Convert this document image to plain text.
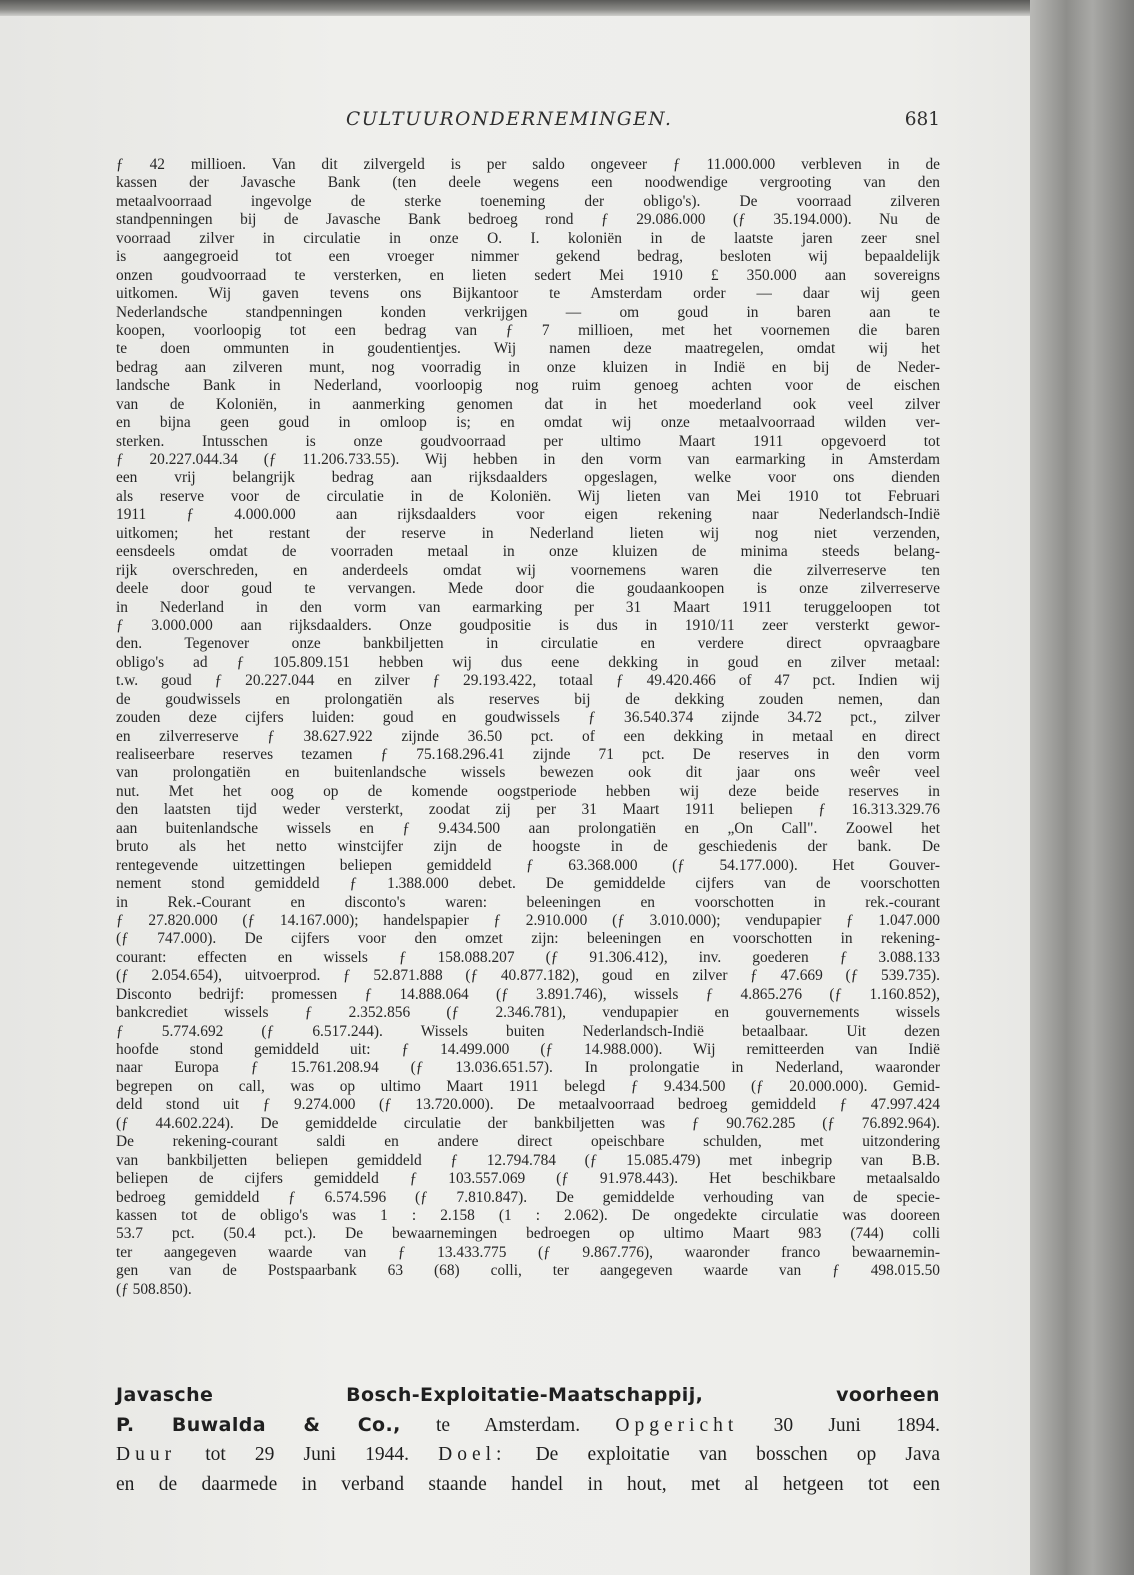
CULTUURONDERNEMINGEN.	681
ƒ 42 millioen. Van dit zilvergeld is per saldo ongeveer ƒ 11.000.000 verbleven in de
kassen der Javasche Bank (ten deele wegens een noodwendige vergrooting van den
metaalvoorraad ingevolge de sterke toeneming der obligo's). De voorraad zilveren
standpenningen bij de Javasche Bank bedroeg rond ƒ 29.086.000 (ƒ 35.194.000). Nu de
voorraad zilver in circulatie in onze O. I. koloniën in de laatste jaren zeer snel
is aangegroeid tot een vroeger nimmer gekend bedrag, besloten wij bepaaldelijk
onzen goudvoorraad te versterken, en lieten sedert Mei 1910 £ 350.000 aan sovereigns
uitkomen. Wij gaven tevens ons Bijkantoor te Amsterdam order — daar wij geen
Nederlandsche standpenningen konden verkrijgen — om goud in baren aan te
koopen, voorloopig tot een bedrag van ƒ 7 millioen, met het voornemen die baren
te doen ommunten in goudentientjes. Wij namen deze maatregelen, omdat wij het
bedrag aan zilveren munt, nog voorradig in onze kluizen in Indië en bij de Neder-
landsche Bank in Nederland, voorloopig nog ruim genoeg achten voor de eischen
van de Koloniën, in aanmerking genomen dat in het moederland ook veel zilver
en bijna geen goud in omloop is; en omdat wij onze metaalvoorraad wilden ver-
sterken. Intusschen is onze goudvoorraad per ultimo Maart 1911 opgevoerd tot
ƒ 20.227.044.34 (ƒ 11.206.733.55). Wij hebben in den vorm van earmarking in Amsterdam
een vrij belangrijk bedrag aan rijksdaalders opgeslagen, welke voor ons dienden
als reserve voor de circulatie in de Koloniën. Wij lieten van Mei 1910 tot Februari
1911 ƒ 4.000.000 aan rijksdaalders voor eigen rekening naar Nederlandsch-Indië
uitkomen; het restant der reserve in Nederland lieten wij nog niet verzenden,
eensdeels omdat de voorraden metaal in onze kluizen de minima steeds belang-
rijk overschreden, en anderdeels omdat wij voornemens waren die zilverreserve ten
deele door goud te vervangen. Mede door die goudaankoopen is onze zilverreserve
in Nederland in den vorm van earmarking per 31 Maart 1911 teruggeloopen tot
ƒ 3.000.000 aan rijksdaalders. Onze goudpositie is dus in 1910/11 zeer versterkt gewor-
den. Tegenover onze bankbiljetten in circulatie en verdere direct opvraagbare
obligo's ad ƒ 105.809.151 hebben wij dus eene dekking in goud en zilver metaal:
t.w. goud ƒ 20.227.044 en zilver ƒ 29.193.422, totaal ƒ 49.420.466 of 47 pct. Indien wij
de goudwissels en prolongatiën als reserves bij de dekking zouden nemen, dan
zouden deze cijfers luiden: goud en goudwissels ƒ 36.540.374 zijnde 34.72 pct., zilver
en zilverreserve ƒ 38.627.922 zijnde 36.50 pct. of een dekking in metaal en direct
realiseerbare reserves tezamen ƒ 75.168.296.41 zijnde 71 pct. De reserves in den vorm
van prolongatiën en buitenlandsche wissels bewezen ook dit jaar ons weêr veel
nut. Met het oog op de komende oogstperiode hebben wij deze beide reserves in
den laatsten tijd weder versterkt, zoodat zij per 31 Maart 1911 beliepen ƒ 16.313.329.76
aan buitenlandsche wissels en ƒ 9.434.500 aan prolongatiën en „On Call". Zoowel het
bruto als het netto winstcijfer zijn de hoogste in de geschiedenis der bank. De
rentegevende uitzettingen beliepen gemiddeld ƒ 63.368.000 (ƒ 54.177.000). Het Gouver-
nement stond gemiddeld ƒ 1.388.000 debet. De gemiddelde cijfers van de voorschotten
in Rek.-Courant en disconto's waren: beleeningen en voorschotten in rek.-courant
ƒ 27.820.000 (ƒ 14.167.000); handelspapier ƒ 2.910.000 (ƒ 3.010.000); vendupapier ƒ 1.047.000
(ƒ 747.000). De cijfers voor den omzet zijn: beleeningen en voorschotten in rekening-
courant: effecten en wissels ƒ 158.088.207 (ƒ 91.306.412), inv. goederen ƒ 3.088.133
(ƒ 2.054.654), uitvoerprod. ƒ 52.871.888 (ƒ 40.877.182), goud en zilver ƒ 47.669 (ƒ 539.735).
Disconto bedrijf: promessen ƒ 14.888.064 (ƒ 3.891.746), wissels ƒ 4.865.276 (ƒ 1.160.852),
bankcrediet wissels ƒ 2.352.856 (ƒ 2.346.781), vendupapier en gouvernements wissels
ƒ 5.774.692 (ƒ 6.517.244). Wissels buiten Nederlandsch-Indië betaalbaar. Uit dezen
hoofde stond gemiddeld uit: ƒ 14.499.000 (ƒ 14.988.000). Wij remitteerden van Indië
naar Europa ƒ 15.761.208.94 (ƒ 13.036.651.57). In prolongatie in Nederland, waaronder
begrepen on call, was op ultimo Maart 1911 belegd ƒ 9.434.500 (ƒ 20.000.000). Gemid-
deld stond uit ƒ 9.274.000 (ƒ 13.720.000). De metaalvoorraad bedroeg gemiddeld ƒ 47.997.424
(ƒ 44.602.224). De gemiddelde circulatie der bankbiljetten was ƒ 90.762.285 (ƒ 76.892.964).
De rekening-courant saldi en andere direct opeischbare schulden, met uitzondering
van bankbiljetten beliepen gemiddeld ƒ 12.794.784 (ƒ 15.085.479) met inbegrip van B.B.
beliepen de cijfers gemiddeld ƒ 103.557.069 (ƒ 91.978.443). Het beschikbare metaalsaldo
bedroeg gemiddeld ƒ 6.574.596 (ƒ 7.810.847). De gemiddelde verhouding van de specie-
kassen tot de obligo's was 1 : 2.158 (1 : 2.062). De ongedekte circulatie was dooreen
53.7 pct. (50.4 pct.). De bewaarnemingen bedroegen op ultimo Maart 983 (744) colli
ter aangegeven waarde van ƒ 13.433.775 (ƒ 9.867.776), waaronder franco bewaarnemin-
gen van de Postspaarbank 63 (68) colli, ter aangegeven waarde van ƒ 498.015.50
(ƒ 508.850).
Javasche Bosch-Exploitatie-Maatschappij, voorheen
P. Buwalda & Co., te Amsterdam. Opgericht 30 Juni 1894.
Duur tot 29 Juni 1944. Doel: De exploitatie van bosschen op Java
en de daarmede in verband staande handel in hout, met al hetgeen tot een
